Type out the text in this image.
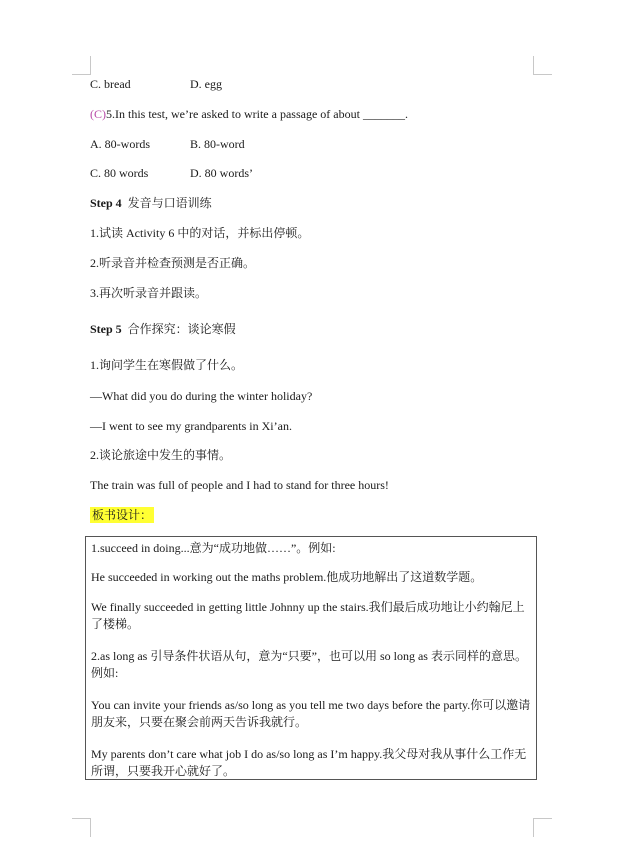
C. bread	D. egg
(C)5.In this test, we’re asked to write a passage of about _______.
A. 80-words	B. 80-word
C. 80 words	D. 80 words’
Step 4 发音与口语训练
1.试读 Activity 6 中的对话，并标出停顿。
2.听录音并检查预测是否正确。
3.再次听录音并跟读。
Step 5 合作探究：谈论寒假
1.询问学生在寒假做了什么。
—What did you do during the winter holiday?
—I went to see my grandparents in Xi’an.
2.谈论旅途中发生的事情。
The train was full of people and I had to stand for three hours!
板书设计：
1.succeed in doing...意为“成功地做……”。例如:
He succeeded in working out the maths problem.他成功地解出了这道数学题。
We finally succeeded in getting little Johnny up the stairs.我们最后成功地让小约翰尼上了楼梯。
2.as long as 引导条件状语从句，意为“只要”，也可以用 so long as 表示同样的意思。例如:
You can invite your friends as/so long as you tell me two days before the party.你可以邀请朋友来，只要在聚会前两天告诉我就行。
My parents don’t care what job I do as/so long as I’m happy.我父母对我从事什么工作无所谓，只要我开心就好了。
